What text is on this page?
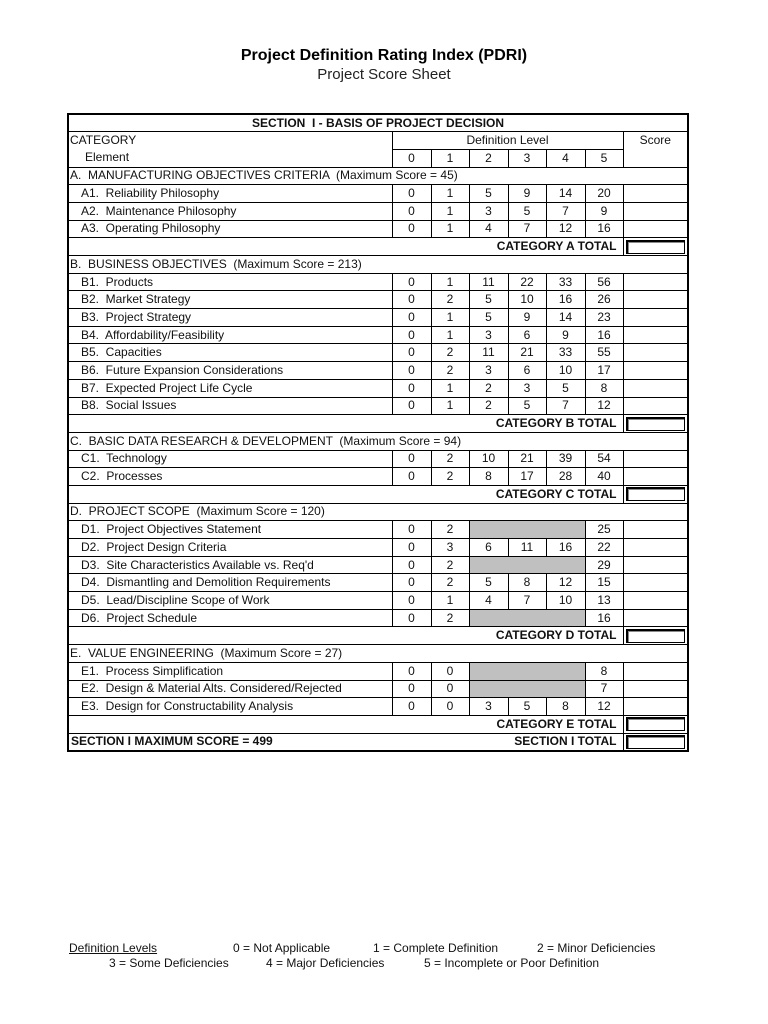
Project Definition Rating Index (PDRI)
Project Score Sheet
SECTION  I - BASIS OF PROJECT DECISION							
CATEGORY	Definition Level						Score
Element	0	1	2	3	4	5	
A.  MANUFACTURING OBJECTIVES CRITERIA  (Maximum Score = 45)							
A1.  Reliability Philosophy	0	1	5	9	14	20	
A2.  Maintenance Philosophy	0	1	3	5	7	9	
A3.  Operating Philosophy	0	1	4	7	12	16	
CATEGORY A TOTAL							

B.  BUSINESS OBJECTIVES  (Maximum Score = 213)							
B1.  Products	0	1	11	22	33	56	
B2.  Market Strategy	0	2	5	10	16	26	
B3.  Project Strategy	0	1	5	9	14	23	
B4.  Affordability/Feasibility	0	1	3	6	9	16	
B5.  Capacities	0	2	11	21	33	55	
B6.  Future Expansion Considerations	0	2	3	6	10	17	
B7.  Expected Project Life Cycle	0	1	2	3	5	8	
B8.  Social Issues	0	1	2	5	7	12	
CATEGORY B TOTAL							

C.  BASIC DATA RESEARCH & DEVELOPMENT  (Maximum Score = 94)							
C1.  Technology	0	2	10	21	39	54	
C2.  Processes	0	2	8	17	28	40	
CATEGORY C TOTAL							

D.  PROJECT SCOPE  (Maximum Score = 120)							
D1.  Project Objectives Statement	0	2				25	
D2.  Project Design Criteria	0	3	6	11	16	22	
D3.  Site Characteristics Available vs. Req'd	0	2				29	
D4.  Dismantling and Demolition Requirements	0	2	5	8	12	15	
D5.  Lead/Discipline Scope of Work	0	1	4	7	10	13	
D6.  Project Schedule	0	2				16	
CATEGORY D TOTAL							

E.  VALUE ENGINEERING  (Maximum Score = 27)							
E1.  Process Simplification	0	0				8	
E2.  Design & Material Alts. Considered/Rejected	0	0				7	
E3.  Design for Constructability Analysis	0	0	3	5	8	12	
CATEGORY E TOTAL							

SECTION I MAXIMUM SCORE = 499 SECTION I TOTAL							

Definition Levels	0 = Not Applicable	1 = Complete Definition	2 = Minor Deficiencies
3 = Some Deficiencies	4 = Major Deficiencies	5 = Incomplete or Poor Definition
